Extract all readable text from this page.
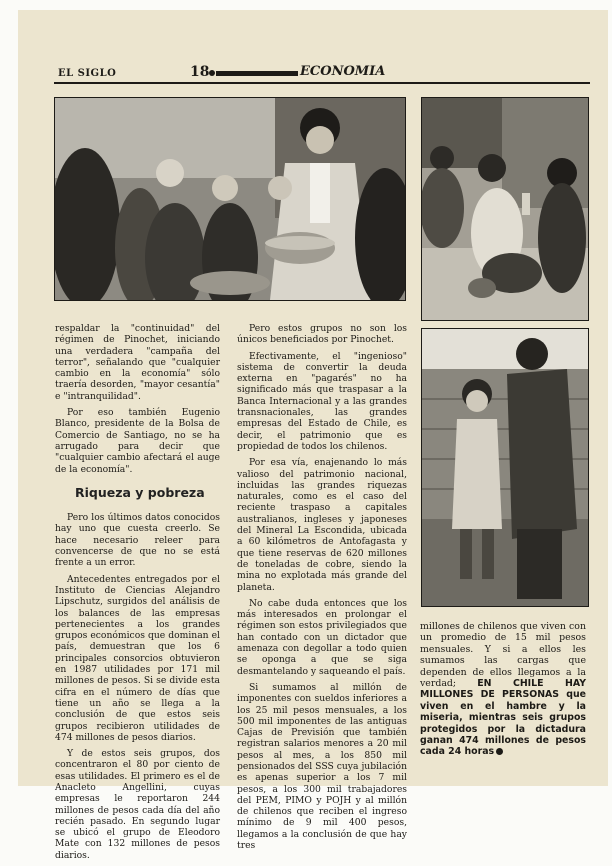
EL SIGLO	18	ECONOMIA

respaldar la "continuidad" del régimen de Pinochet, iniciando una verdadera "campaña del terror", señalando que "cualquier cambio en la economía" sólo traería desorden, "mayor cesantía" e "intranquilidad".

Por eso también Eugenio Blanco, presidente de la Bolsa de Comercio de Santiago, no se ha arrugado para decir que "cualquier cambio afectará el auge de la economía".

Riqueza y pobreza

Pero los últimos datos conocidos hay uno que cuesta creerlo. Se hace necesario releer para convencerse de que no se está frente a un error.

Antecedentes entregados por el Instituto de Ciencias Alejandro Lipschutz, surgidos del análisis de los balances de las empresas pertenecientes a los grandes grupos económicos que dominan el país, demuestran que los 6 principales consorcios obtuvieron en 1987 utilidades por 171 mil millones de pesos. Si se divide esta cifra en el número de días que tiene un año se llega a la conclusión de que estos seis grupos recibieron utilidades de 474 millones de pesos diarios.

Y de estos seis grupos, dos concentraron el 80 por ciento de esas utilidades. El primero es el de Anacleto Angellini, cuyas empresas le reportaron 244 millones de pesos cada día del año recién pasado. En segundo lugar se ubicó el grupo de Eleodoro Mate con 132 millones de pesos diarios.

Pero estos grupos no son los únicos beneficiados por Pinochet.

Efectivamente, el "ingenioso" sistema de convertir la deuda externa en "pagarés" no ha significado más que traspasar a la Banca Internacional y a las grandes transnacionales, las grandes empresas del Estado de Chile, es decir, el patrimonio que es propiedad de todos los chilenos.

Por esa vía, enajenando lo más valioso del patrimonio nacional, incluidas las grandes riquezas naturales, como es el caso del reciente traspaso a capitales australianos, ingleses y japoneses del Mineral La Escondida, ubicada a 60 kilómetros de Antofagasta y que tiene reservas de 620 millones de toneladas de cobre, siendo la mina no explotada más grande del planeta.

No cabe duda entonces que los más interesados en prolongar el régimen son estos privilegiados que han contado con un dictador que amenaza con degollar a todo quien se oponga a que se siga desmantelando y saqueando el país.

Si sumamos al millón de imponentes con sueldos inferiores a los 25 mil pesos mensuales, a los 500 mil imponentes de las antiguas Cajas de Previsión que también registran salarios menores a 20 mil pesos al mes, a los 850 mil pensionados del SSS cuya jubilación es apenas superior a los 7 mil pesos, a los 300 mil trabajadores del PEM, PIMO y POJH y al millón de chilenos que reciben el ingreso mínimo de 9 mil 400 pesos, llegamos a la conclusión de que hay tres

millones de chilenos que viven con un promedio de 15 mil pesos mensuales. Y si a ellos les sumamos las cargas que dependen de ellos llegamos a la verdad; EN CHILE HAY MILLONES DE PERSONAS que viven en el hambre y la miseria, mientras seis grupos protegidos por la dictadura ganan 474 millones de pesos cada 24 horas
